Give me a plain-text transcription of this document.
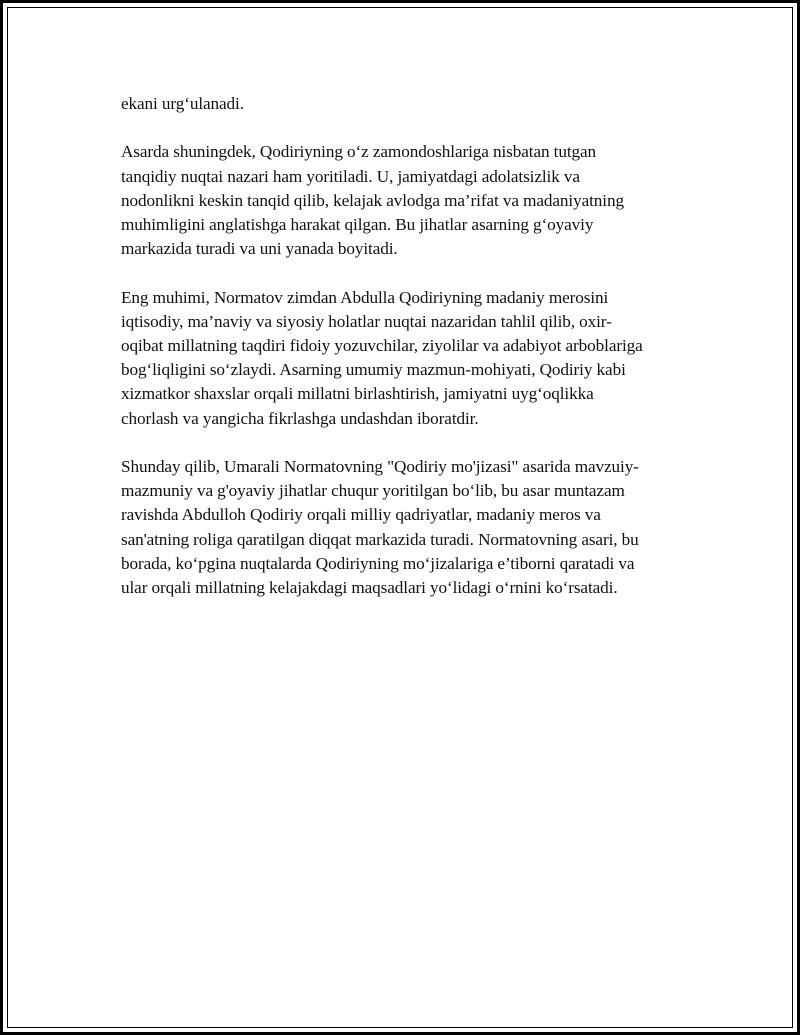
ekani urg‘ulanadi.

Asarda shuningdek, Qodiriyning o‘z zamondoshlariga nisbatan tutgan
tanqidiy nuqtai nazari ham yoritiladi. U, jamiyatdagi adolatsizlik va
nodonlikni keskin tanqid qilib, kelajak avlodga ma’rifat va madaniyatning
muhimligini anglatishga harakat qilgan. Bu jihatlar asarning g‘oyaviy
markazida turadi va uni yanada boyitadi.

Eng muhimi, Normatov zimdan Abdulla Qodiriyning madaniy merosini
iqtisodiy, ma’naviy va siyosiy holatlar nuqtai nazaridan tahlil qilib, oxir-
oqibat millatning taqdiri fidoiy yozuvchilar, ziyolilar va adabiyot arboblariga
bog‘liqligini so‘zlaydi. Asarning umumiy mazmun-mohiyati, Qodiriy kabi
xizmatkor shaxslar orqali millatni birlashtirish, jamiyatni uyg‘oqlikka
chorlash va yangicha fikrlashga undashdan iboratdir.

Shunday qilib, Umarali Normatovning "Qodiriy mo'jizasi" asarida mavzuiy-
mazmuniy va g'oyaviy jihatlar chuqur yoritilgan bo‘lib, bu asar muntazam
ravishda Abdulloh Qodiriy orqali milliy qadriyatlar, madaniy meros va
san'atning roliga qaratilgan diqqat markazida turadi. Normatovning asari, bu
borada, ko‘pgina nuqtalarda Qodiriyning mo‘jizalariga e’tiborni qaratadi va
ular orqali millatning kelajakdagi maqsadlari yo‘lidagi o‘rnini ko‘rsatadi.
